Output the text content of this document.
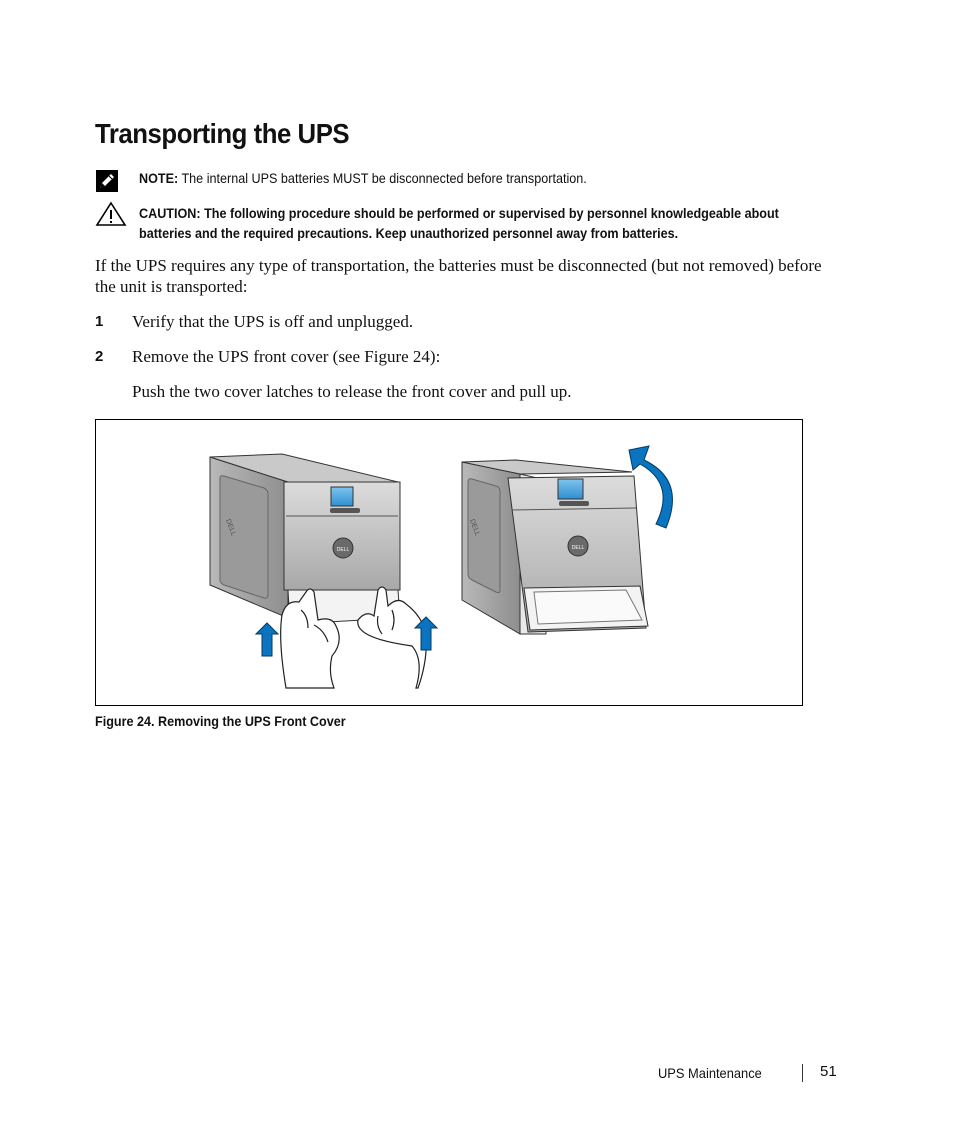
Transporting the UPS
NOTE: The internal UPS batteries MUST be disconnected before transportation.
CAUTION: The following procedure should be performed or supervised by personnel knowledgeable about batteries and the required precautions. Keep unauthorized personnel away from batteries.
If the UPS requires any type of transportation, the batteries must be disconnected (but not removed) before the unit is transported:
1 Verify that the UPS is off and unplugged.
2 Remove the UPS front cover (see Figure 24):
Push the two cover latches to release the front cover and pull up.
DELL
DELL
DELL
DELL
Figure 24. Removing the UPS Front Cover
UPS Maintenance	51
